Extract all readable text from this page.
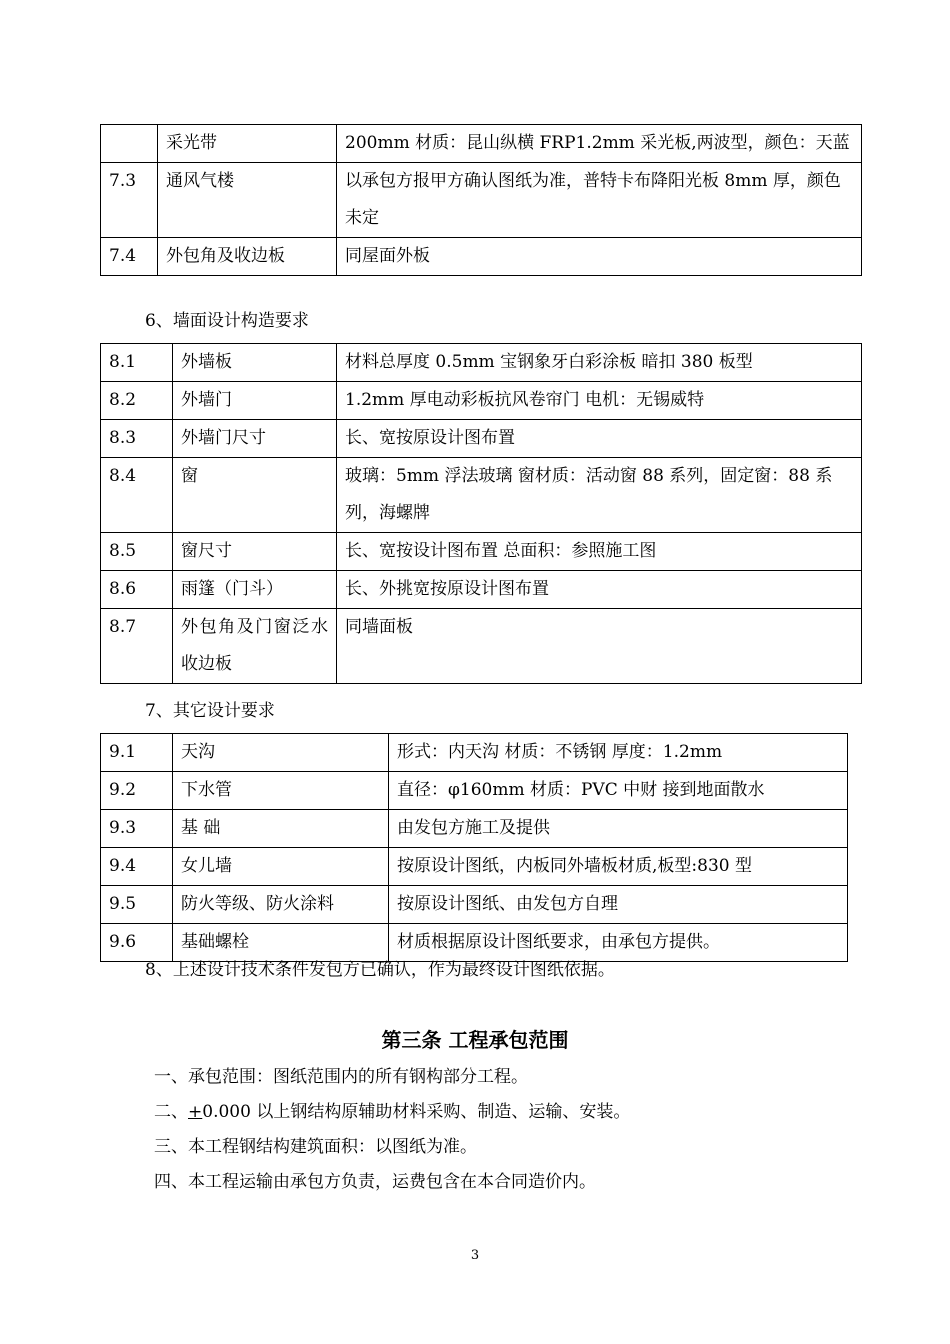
	采光带	200mm 材质：昆山纵横 FRP1.2mm 采光板,两波型，颜色：天蓝
7.3	通风气楼	以承包方报甲方确认图纸为准，普特卡布降阳光板 8mm 厚，颜色未定
7.4	外包角及收边板	同屋面外板
6、墙面设计构造要求
8.1	外墙板	材料总厚度 0.5mm 宝钢象牙白彩涂板 暗扣 380 板型
8.2	外墙门	1.2mm 厚电动彩板抗风卷帘门 电机：无锡威特
8.3	外墙门尺寸	长、宽按原设计图布置
8.4	窗	玻璃：5mm 浮法玻璃 窗材质：活动窗 88 系列，固定窗：88 系列，海螺牌
8.5	窗尺寸	长、宽按设计图布置 总面积：参照施工图
8.6	雨篷（门斗）	长、外挑宽按原设计图布置
8.7	外包角及门窗泛水收边板	同墙面板
7、其它设计要求
9.1	天沟	形式：内天沟 材质：不锈钢 厚度：1.2mm
9.2	下水管	直径：φ160mm 材质：PVC 中财 接到地面散水
9.3	基 础	由发包方施工及提供
9.4	女儿墙	按原设计图纸，内板同外墙板材质,板型:830 型
9.5	防火等级、防火涂料	按原设计图纸、由发包方自理
9.6	基础螺栓	材质根据原设计图纸要求，由承包方提供。
8、上述设计技术条件发包方已确认，作为最终设计图纸依据。
第三条 工程承包范围
一、承包范围：图纸范围内的所有钢构部分工程。
二、+0.000 以上钢结构原辅助材料采购、制造、运输、安装。
三、本工程钢结构建筑面积：以图纸为准。
四、本工程运输由承包方负责，运费包含在本合同造价内。
3
